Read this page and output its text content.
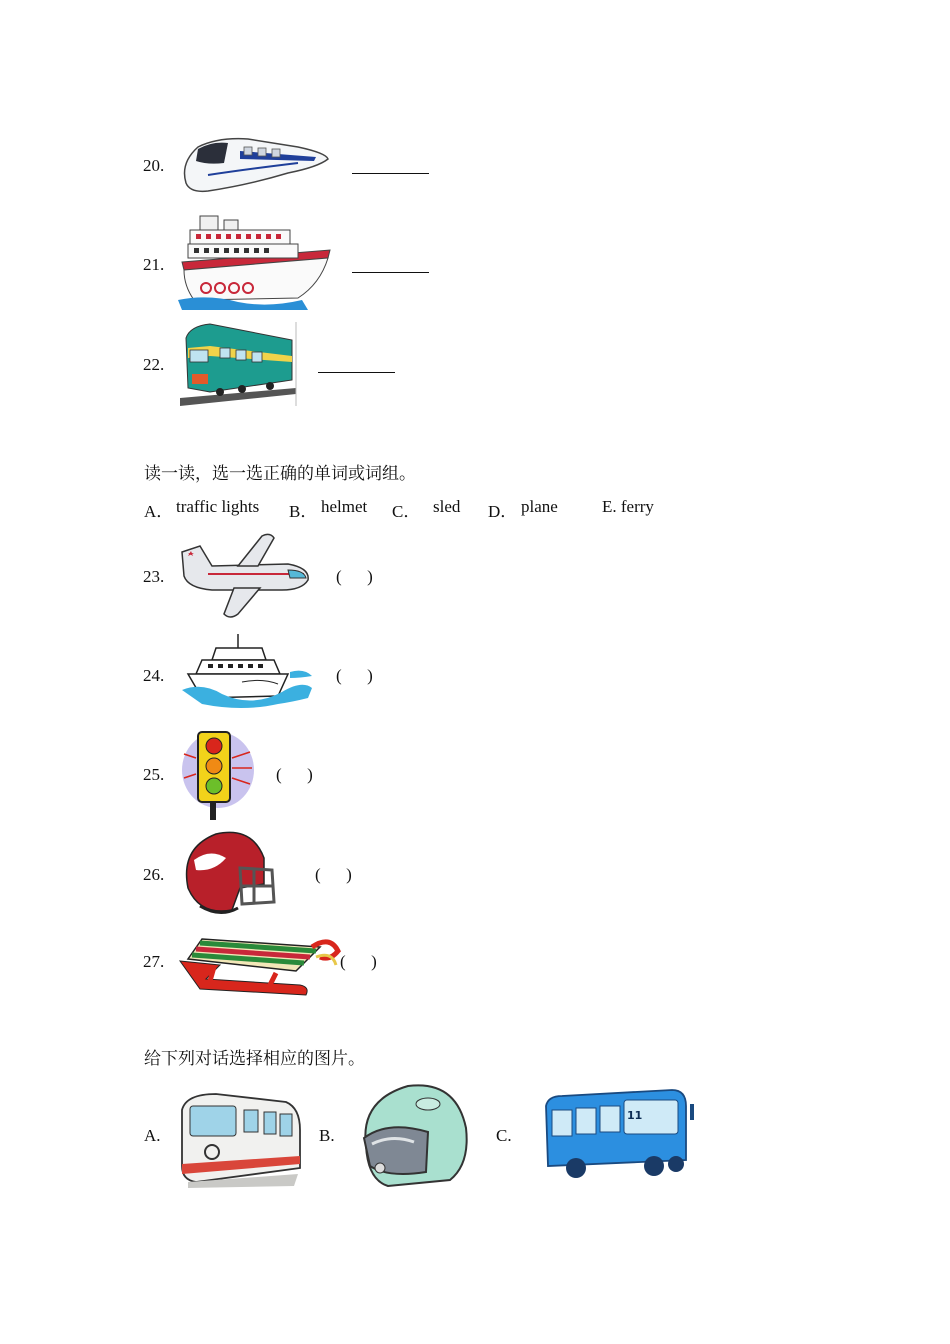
20.
21.
22.
读一读，选一选正确的单词或词组。
A． traffic lights B． helmet C． sled D． plane	E. ferry
23.	(      )
24.	(      )
25.	(      )
26.	(      )
27.	(      )
给下列对话选择相应的图片。
A.	B.	C.
11
